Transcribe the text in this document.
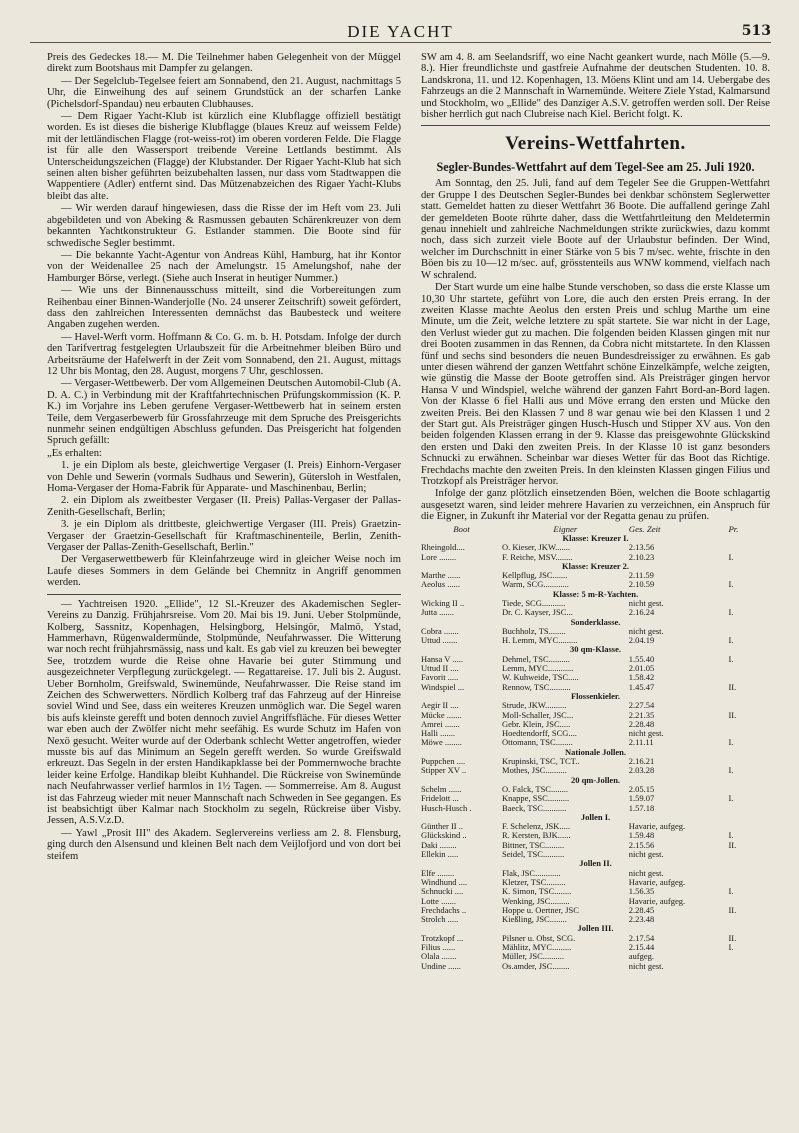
DIE YACHT	513

Preis des Gedeckes 18.— M. Die Teilnehmer haben Gelegenheit von der Müggel direkt zum Bootshaus mit Dampfer zu gelangen.

— Der Segelclub-Tegelsee feiert am Sonnabend, den 21. August, nachmittags 5 Uhr, die Einweihung des auf seinem Grundstück an der scharfen Lanke (Pichelsdorf-Spandau) neu erbauten Clubhauses.

— Dem Rigaer Yacht-Klub ist kürzlich eine Klubflagge offiziell bestätigt worden. Es ist dieses die bisherige Klubflagge (blaues Kreuz auf weissem Felde) mit der lettländischen Flagge (rot-weiss-rot) im oberen vorderen Felde. Die Flagge ist für alle den Wassersport treibende Vereine Lettlands bestimmt. Als Unterscheidungszeichen (Flagge) der Klubstander. Der Rigaer Yacht-Klub hat sich seinen alten bisher geführten beizubehalten lassen, nur dass vom Stadtwappen die Wappentiere (Adler) entfernt sind. Das Mützenabzeichen des Rigaer Yacht-Klubs bleibt das alte.

— Wir werden darauf hingewiesen, dass die Risse der im Heft vom 23. Juli abgebildeten und von Abeking & Rasmussen gebauten Schärenkreuzer von dem bekannten Yachtkonstrukteur G. Estlander stammen. Die Boote sind für schwedische Segler bestimmt.

— Die bekannte Yacht-Agentur von Andreas Kühl, Hamburg, hat ihr Kontor von der Weidenallee 25 nach der Amelungstr. 15 Amelungshof, nahe der Hamburger Börse, verlegt. (Siehe auch Inserat in heutiger Nummer.)

— Wie uns der Binnenausschuss mitteilt, sind die Vorbereitungen zum Reihenbau einer Binnen-Wanderjolle (No. 24 unserer Zeitschrift) soweit gefördert, dass den zahlreichen Interessenten demnächst das Baubesteck und weitere Angaben zugehen werden.

— Havel-Werft vorm. Hoffmann & Co. G. m. b. H. Potsdam. Infolge der durch den Tarifvertrag festgelegten Urlaubszeit für die Arbeitnehmer bleiben Büro und Arbeitsräume der Hafelwerft in der Zeit vom Sonnabend, den 21. August, mittags 12 Uhr bis Montag, den 28. August, morgens 7 Uhr, geschlossen.

— Vergaser-Wettbewerb. Der vom Allgemeinen Deutschen Automobil-Club (A. D. A. C.) in Verbindung mit der Kraftfahrtechnischen Prüfungskommission (K. P. K.) im Vorjahre ins Leben gerufene Vergaser-Wettbewerb hat in seinem ersten Teile, dem Vergaserbewerb für Grossfahrzeuge mit dem Spruche des Preisgerichts nunmehr seinen endgültigen Abschluss gefunden. Das Preisgericht hat folgenden Spruch gefällt:

„Es erhalten:

1. je ein Diplom als beste, gleichwertige Vergaser (I. Preis) Einhorn-Vergaser von Dehle und Sewerin (vormals Sudhaus und Sewerin), Gütersloh in Westfalen, Homa-Vergaser der Homa-Fabrik für Apparate- und Maschinenbau, Berlin;

2. ein Diplom als zweitbester Vergaser (II. Preis) Pallas-Vergaser der Pallas-Zenith-Gesellschaft, Berlin;

3. je ein Diplom als drittbeste, gleichwertige Vergaser (III. Preis) Graetzin-Vergaser der Graetzin-Gesellschaft für Kraftmaschinenteile, Berlin, Zenith-Vergaser der Pallas-Zenith-Gesellschaft, Berlin."

Der Vergaserwettbewerb für Kleinfahrzeuge wird in gleicher Weise noch im Laufe dieses Sommers in dem Gelände bei Chemnitz in Angriff genommen werden.

— Yachtreisen 1920. „Ellide", 12 Sl.-Kreuzer des Akademischen Segler-Vereins zu Danzig. Frühjahrsreise. Vom 20. Mai bis 19. Juni. Ueber Stolpmünde, Kolberg, Sassnitz, Kopenhagen, Helsingborg, Helsingör, Malmö, Ystad, Hammerhavn, Rügenwaldermünde, Stolpmünde, Neufahrwasser. Die Witterung war noch recht frühjahrsmässig, nass und kalt. Es gab viel zu kreuzen bei bewegter See, trotzdem wurde die Reise ohne Havarie bei guter Stimmung und ausgezeichneter Verpflegung zurückgelegt. — Regattareise. 17. Juli bis 2. August. Ueber Bornholm, Greifswald, Swinemünde, Neufahrwasser. Die Reise stand im Zeichen des Schwerwetters. Nördlich Kolberg traf das Fahrzeug auf der Hinreise soviel Wind und See, dass ein weiteres Kreuzen unmöglich war. Die Segel waren bis aufs kleinste gerefft und boten dennoch zuviel Angriffsfläche. Für dieses Wetter war eben auch der Zwölfer nicht mehr seefähig. Es wurde Schutz im Hafen von Nexö gesucht. Weiter wurde auf der Oderbank schlecht Wetter angetroffen, wieder musste bis auf das Minimum an Segeln gerefft werden. So wurde Greifswald erkreuzt. Das Segeln in der ersten Handikapklasse bei der Pommernwoche brachte leider keine Erfolge. Handikap bleibt Kuhhandel. Die Rückreise von Swinemünde nach Neufahrwasser verlief harmlos in 1½ Tagen. — Sommerreise. Am 8. August ist das Fahrzeug wieder mit neuer Mannschaft nach Schweden in See gegangen. Es ist beabsichtigt über Kalmar nach Stockholm zu segeln, Rückreise über Visby. Jessen, A.S.V.z.D.

— Yawl „Prosit III" des Akadem. Seglervereins verliess am 2. 8. Flensburg, ging durch den Alsensund und kleinen Belt nach dem Veijlofjord und von dort bei steifem

SW am 4. 8. am Seelandsriff, wo eine Nacht geankert wurde, nach Mölle (5.—9. 8.). Hier freundlichste und gastfreie Aufnahme der deutschen Studenten. 10. 8. Landskrona, 11. und 12. Kopenhagen, 13. Möens Klint und am 14. Uebergabe des Fahrzeugs an die 2 Mannschaft in Warnemünde. Weitere Ziele Ystad, Kalmarsund und Stockholm, wo „Ellide" des Danziger A.S.V. getroffen werden soll. Der Reise bisher herrlich gut nach Clubreise nach Kiel. Bericht folgt. K.

Vereins-Wettfahrten.
Segler-Bundes-Wettfahrt auf dem Tegel-See am 25. Juli 1920.

Am Sonntag, den 25. Juli, fand auf dem Tegeler See die Gruppen-Wettfahrt der Gruppe I des Deutschen Segler-Bundes bei denkbar schönstem Seglerwetter statt. Gemeldet hatten zu dieser Wettfahrt 36 Boote. Die auffallend geringe Zahl der gemeldeten Boote rührte daher, dass die Wettfahrtleitung den Meldetermin genau innehielt und zahlreiche Nachmeldungen strikte zurückwies, dazu kommt noch, dass sich zurzeit viele Boote auf der Urlaubstur befinden. Der Wind, welcher im Durchschnitt in einer Stärke von 5 bis 7 m/sec. wehte, frischte in den Böen bis zu 10—12 m/sec. auf, grösstenteils aus WNW kommend, vielfach nach W schralend.

Der Start wurde um eine halbe Stunde verschoben, so dass die erste Klasse um 10,30 Uhr startete, geführt von Lore, die auch den ersten Preis errang. In der zweiten Klasse machte Aeolus den ersten Preis und schlug Marthe um eine Minute, um die Zeit, welche letztere zu spät startete. Sie war nicht in der Lage, den Verlust wieder gut zu machen. Die folgenden beiden Klassen gingen mit nur drei Booten zusammen in das Rennen, da Cobra nicht mitstartete. In den Klassen fünf und sechs sind besonders die neuen Bundesdreissiger zu erwähnen. Es gab unter diesen während der ganzen Wettfahrt schöne Einzelkämpfe, welche zeigten, wie günstig die Masse der Boote getroffen sind. Als Preisträger gingen hervor Hansa V und Windspiel, welche während der ganzen Fahrt Bord-an-Bord lagen. Von der Klasse 6 fiel Halli aus und Möve errang den ersten und Mücke den zweiten Preis. Bei den Klassen 7 und 8 war genau wie bei den Klassen 1 und 2 der Start gut. Als Preisträger gingen Husch-Husch und Stipper XV aus. Von den beiden folgenden Klassen errang in der 9. Klasse das preisgewohnte Glückskind den ersten und Daki den zweiten Preis. In der Klasse 10 ist ganz besonders Schnucki zu erwähnen. Scheinbar war dieses Wetter für das Boot das Richtige. Frechdachs machte den zweiten Preis. In den kleinsten Klassen gingen Filius und Trotzkopf als Preisträger hervor.

Infolge der ganz plötzlich einsetzenden Böen, welchen die Boote schlagartig ausgesetzt waren, sind leider mehrere Havarien zu verzeichnen, ein Anspruch für die Eigner, in Zukunft ihr Material vor der Regatta genau zu prüfen.

Boot	Eigner	Ges. Zeit	Pr.
Klasse: Kreuzer I.			
Rheingold....	O. Kieser, JKW.......	2.13.56	
Lore ........	F. Reiche, MSV........	2.10.23	I.
Klasse: Kreuzer 2.			
Marthe ......	Kellpflug, JSC.......	2.11.59	
Aeolus ......	Warm, SCG............	2.10.59	I.
Klasse: 5 m-R-Yachten.			
Wicking II ..	Tiede, SCG...........	nicht gest.	
Jutta .......	Dr. C. Kayser, JSC...	2.16.24	I.
Sonderklasse.			
Cobra .......	Buchholz, TS........	nicht gest.	
Uttud .......	H. Lemm, MYC.........	2.04.19	I.
30 qm-Klasse.			
Hansa V .....	Dehmel, TSC..........	1.55.40	I.
Uttud II ....	Lemm, MYC............	2.01.05	
Favorit .....	W. Kuhweide, TSC.....	1.58.42	
Windspiel ...	Rennow, TSC..........	1.45.47	II.
Flossenkieler.			
Aegir II ....	Strude, JKW..........	2.27.54	
Mücke .......	Moll-Schaller, JSC...	2.21.35	II.
Amrei .......	Gebr. Klein, JSC.....	2.28.48	
Halli .......	Hoedtendorff, SCG....	nicht gest.	
Möwe ........	Ottomann, TSC........	2.11.11	I.
Nationale Jollen.			
Puppchen ....	Krupinski, TSC, TCT..	2.16.21	
Stipper XV ..	Mothes, JSC..........	2.03.28	I.
20 qm-Jollen.			
Schelm ......	O. Falck, TSC........	2.05.15	
Fridelott ...	Knappe, SSC..........	1.59.07	I.
Husch-Husch .	Baeck, TSC...........	1.57.18	
Jollen I.			
Günther II ..	F. Schelenz, JSK.....	Havarie, aufgeg.	
Glückskind ..	R. Kersten, BJK......	1.59.48	I.
Daki ........	Bittner, TSC.........	2.15.56	II.
Ellekin .....	Seidel, TSC..........	nicht gest.	
Jollen II.			
Elfe ........	Flak, JSC............	nicht gest.	
Windhund ....	Kletzer, TSC.........	Havarie, aufgeg.	
Schnucki ....	K. Simon, TSC........	1.56.35	I.
Lotte .......	Wenking, JSC.........	Havarie, aufgeg.	
Frechdachs ..	Hoppe u. Oertner, JSC	2.28.45	II.
Strolch .....	Kießling, JSC........	2.23.48	
Jollen III.			
Trotzkopf ...	Pilsner u. Obst, SCG.	2.17.54	II.
Filius ......	Mählitz, MYC.........	2.15.44	I.
Olala .......	Müller, JSC..........	aufgeg.	
Undine ......	Os.amder, JSC........	nicht gest.	
